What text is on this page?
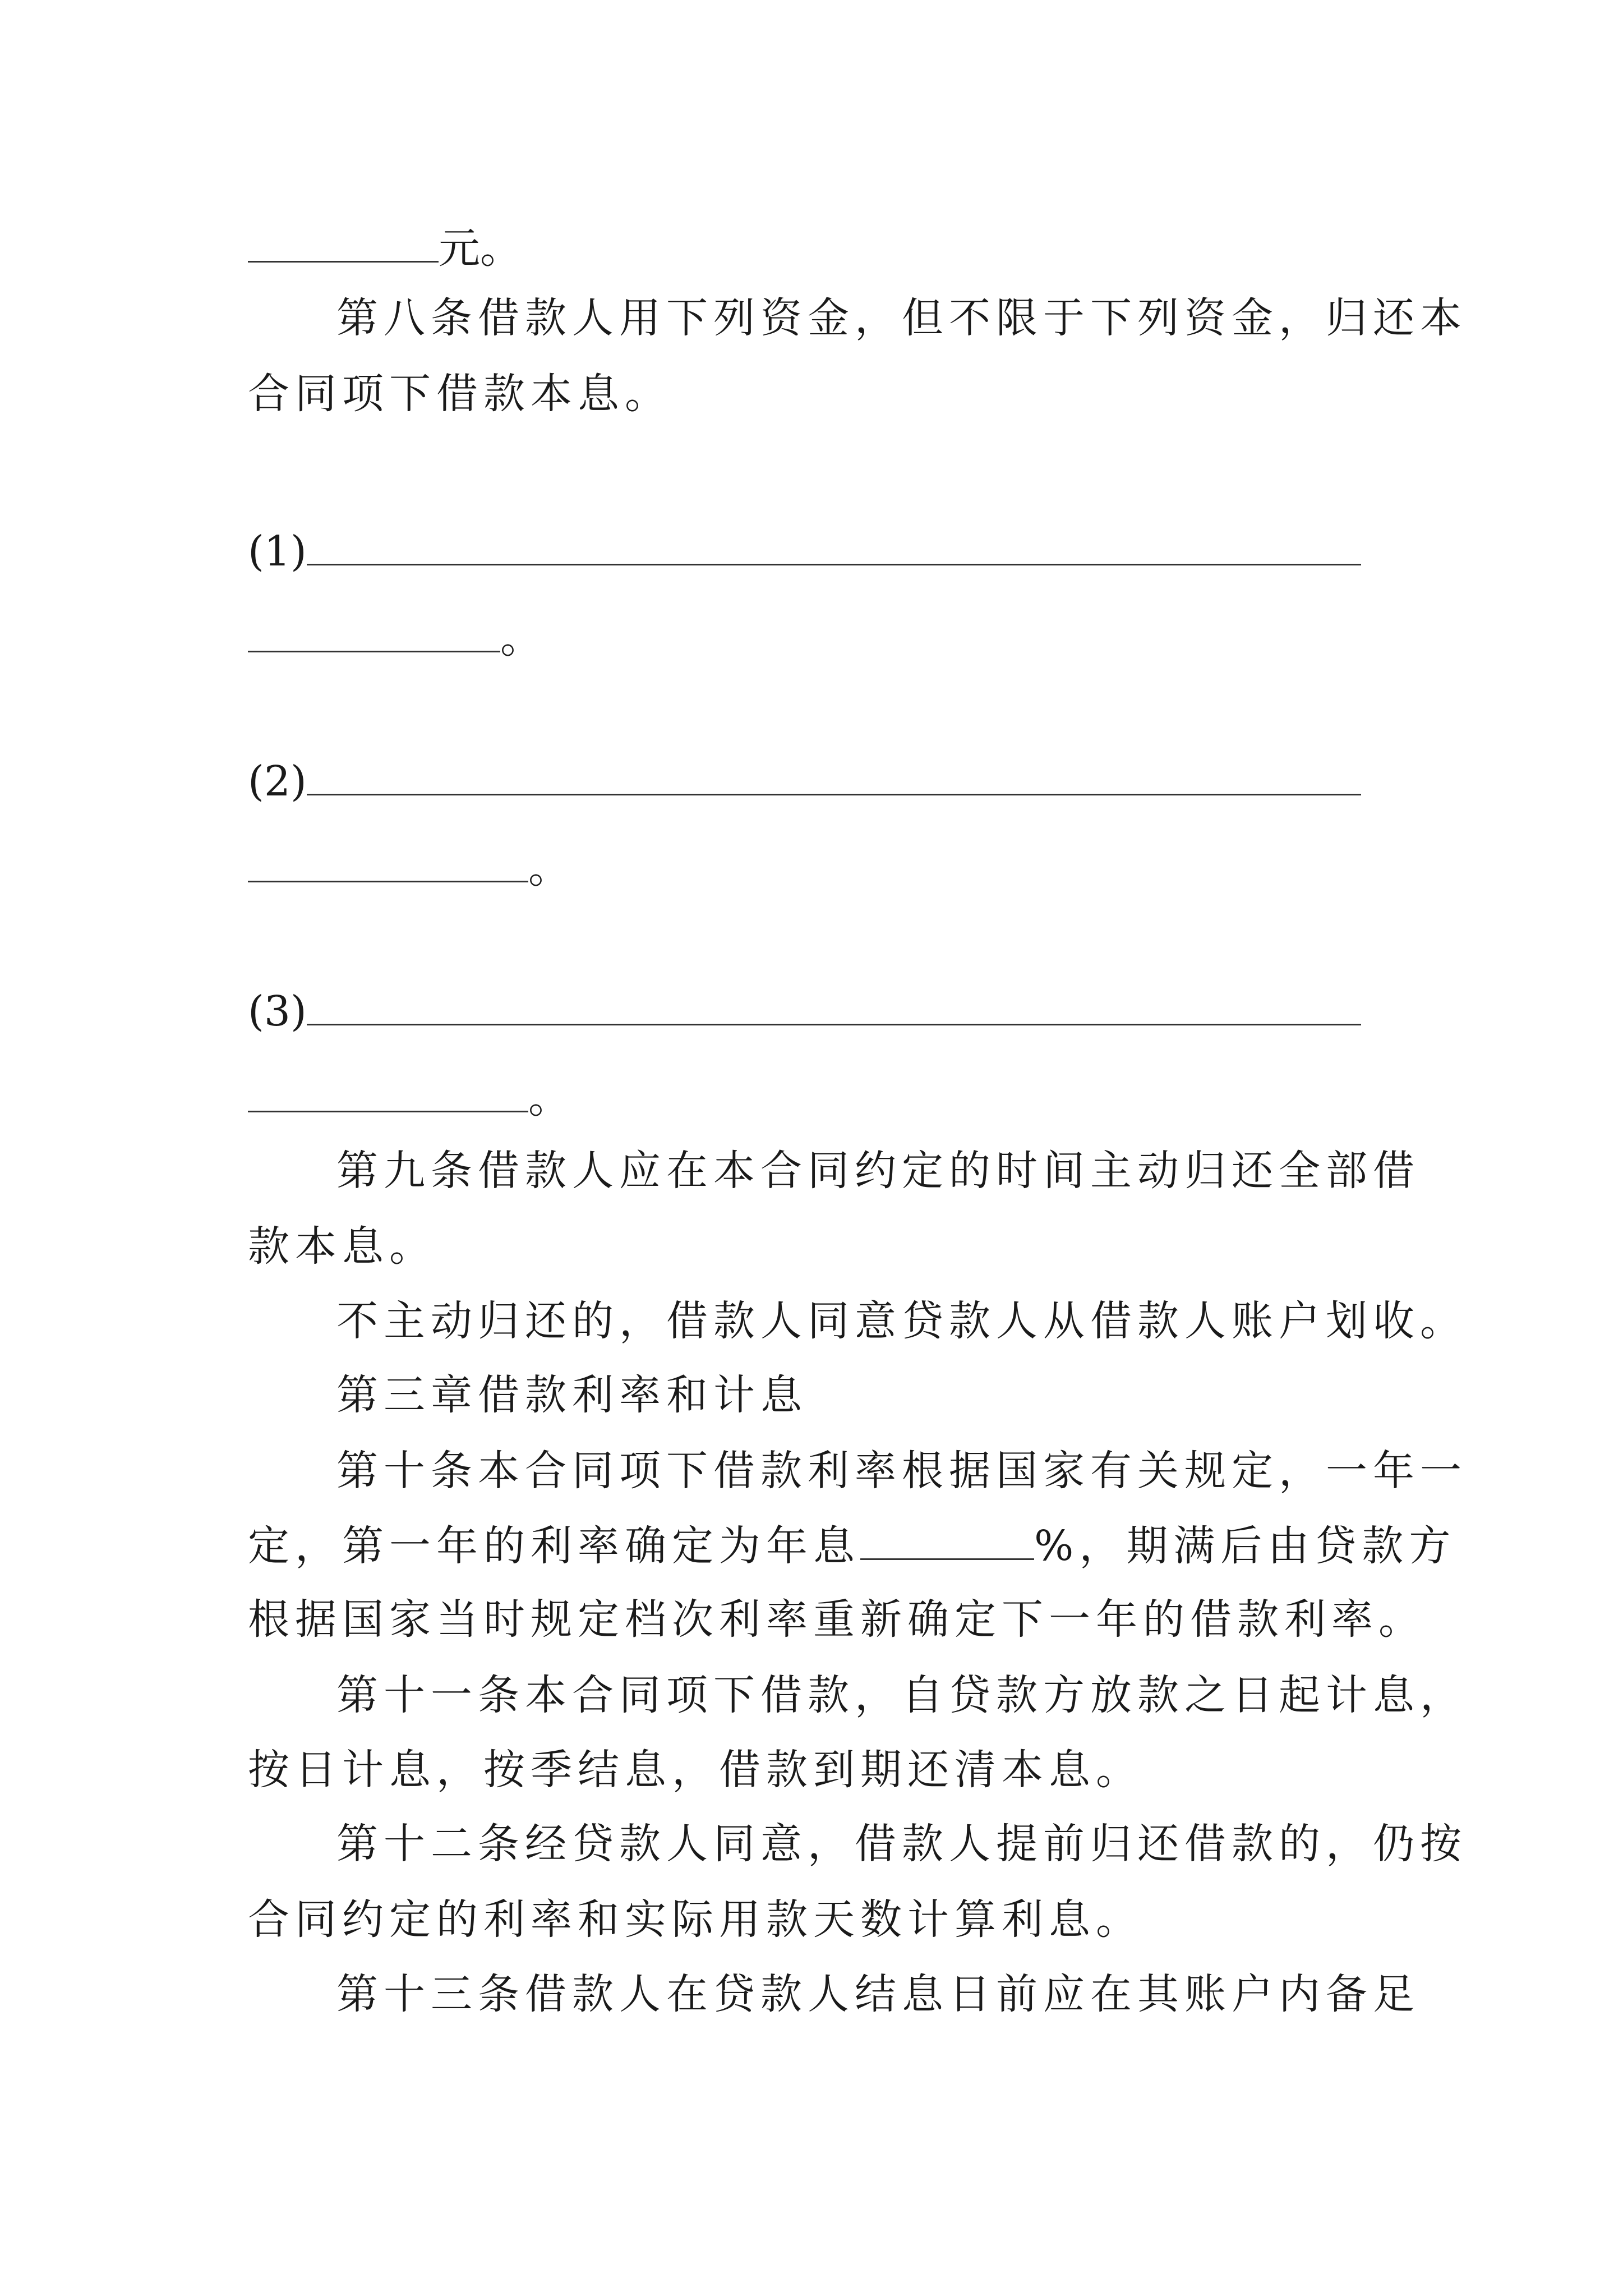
元。
第八条借款人用下列资金，但不限于下列资金，归还本
合同项下借款本息。
(1)
。
(2)
。
(3)
。
第九条借款人应在本合同约定的时间主动归还全部借
款本息。
不主动归还的，借款人同意贷款人从借款人账户划收。
第三章借款利率和计息
第十条本合同项下借款利率根据国家有关规定，一年一
定，第一年的利率确定为年息	%，期满后由贷款方
根据国家当时规定档次利率重新确定下一年的借款利率。
第十一条本合同项下借款，自贷款方放款之日起计息，
按日计息，按季结息，借款到期还清本息。
第十二条经贷款人同意，借款人提前归还借款的，仍按
合同约定的利率和实际用款天数计算利息。
第十三条借款人在贷款人结息日前应在其账户内备足
